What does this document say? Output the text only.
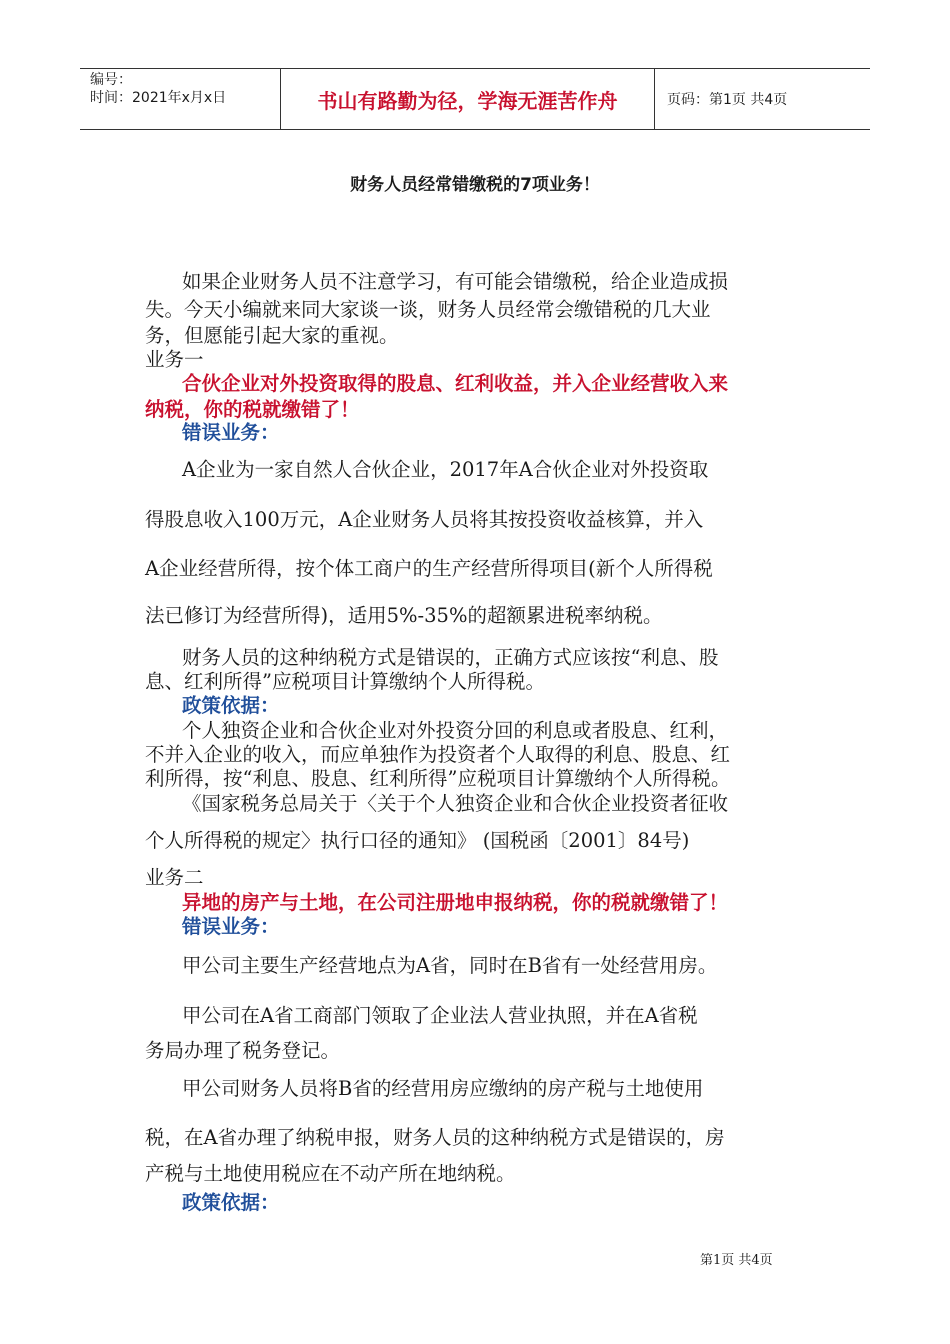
编号：
时间：2021年x月x日	书山有路勤为径，学海无涯苦作舟	页码：第1页 共4页
财务人员经常错缴税的7项业务！
如果企业财务人员不注意学习，有可能会错缴税，给企业造成损
失。今天小编就来同大家谈一谈，财务人员经常会缴错税的几大业
务，但愿能引起大家的重视。
业务一
合伙企业对外投资取得的股息、红利收益，并入企业经营收入来
纳税，你的税就缴错了！
错误业务：
A企业为一家自然人合伙企业，2017年A合伙企业对外投资取
得股息收入100万元，A企业财务人员将其按投资收益核算，并入
A企业经营所得，按个体工商户的生产经营所得项目(新个人所得税
法已修订为经营所得)，适用5%-35%的超额累进税率纳税。
财务人员的这种纳税方式是错误的，正确方式应该按“利息、股
息、红利所得”应税项目计算缴纳个人所得税。
政策依据：
个人独资企业和合伙企业对外投资分回的利息或者股息、红利，
不并入企业的收入，而应单独作为投资者个人取得的利息、股息、红
利所得，按“利息、股息、红利所得”应税项目计算缴纳个人所得税。
《国家税务总局关于〈关于个人独资企业和合伙企业投资者征收
个人所得税的规定〉执行口径的通知》 (国税函〔2001〕84号)
业务二
异地的房产与土地，在公司注册地申报纳税，你的税就缴错了！
错误业务：
甲公司主要生产经营地点为A省，同时在B省有一处经营用房。
甲公司在A省工商部门领取了企业法人营业执照，并在A省税
务局办理了税务登记。
甲公司财务人员将B省的经营用房应缴纳的房产税与土地使用
税，在A省办理了纳税申报，财务人员的这种纳税方式是错误的，房
产税与土地使用税应在不动产所在地纳税。
政策依据：
第1页 共4页
